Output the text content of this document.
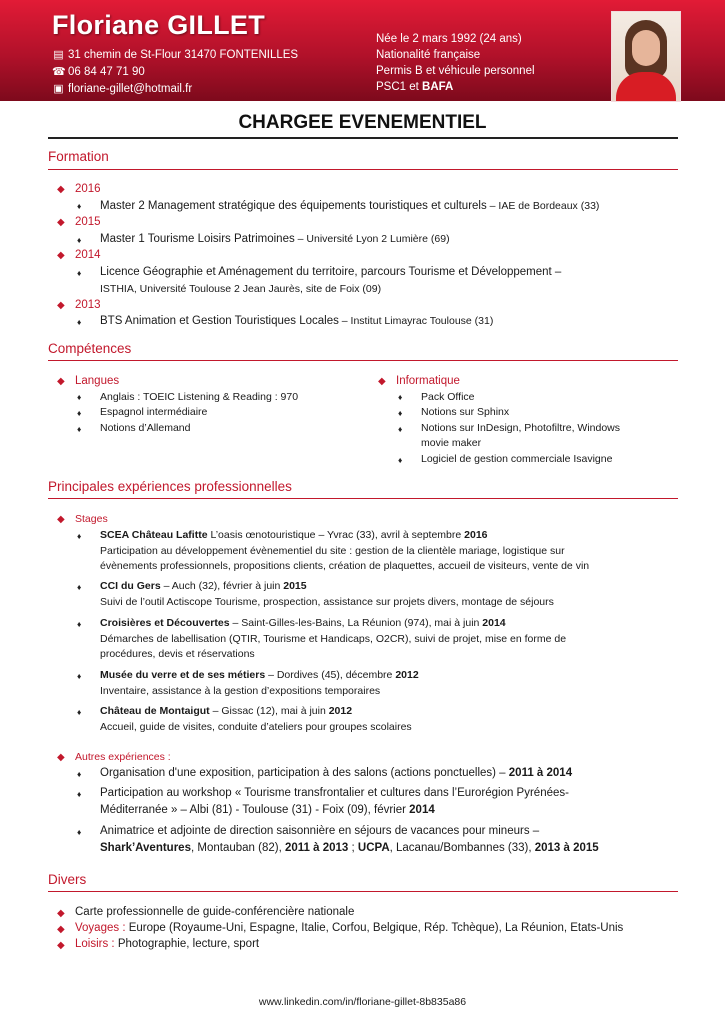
Floriane GILLET
▤ 31 chemin de St-Flour 31470 FONTENILLES
☎ 06 84 47 71 90
▣ floriane-gillet@hotmail.fr
Née le 2 mars 1992 (24 ans)
Nationalité française
Permis B et véhicule personnel
PSC1 et BAFA
CHARGEE EVENEMENTIEL
Formation
◆ 2016
♦ Master 2 Management stratégique des équipements touristiques et culturels – IAE de Bordeaux (33)
◆ 2015
♦ Master 1 Tourisme Loisirs Patrimoines – Université Lyon 2 Lumière (69)
◆ 2014
♦ Licence Géographie et Aménagement du territoire, parcours Tourisme et Développement –
ISTHIA, Université Toulouse 2 Jean Jaurès, site de Foix (09)
◆ 2013
♦ BTS Animation et Gestion Touristiques Locales – Institut Limayrac Toulouse (31)
Compétences
◆ Langues
♦ Anglais : TOEIC Listening & Reading : 970
♦ Espagnol intermédiaire
♦ Notions d’Allemand
◆ Informatique
♦ Pack Office
♦ Notions sur Sphinx
♦ Notions sur InDesign, Photofiltre, Windows
movie maker
♦ Logiciel de gestion commerciale Isavigne
Principales expériences professionnelles
◆ Stages
♦ SCEA Château Lafitte L’oasis œnotouristique – Yvrac (33), avril à septembre 2016
Participation au développement évènementiel du site : gestion de la clientèle mariage, logistique sur
évènements professionnels, propositions clients, création de plaquettes, accueil de visiteurs, vente de vin
♦ CCI du Gers – Auch (32), février à juin 2015
Suivi de l’outil Actiscope Tourisme, prospection, assistance sur projets divers, montage de séjours
♦ Croisières et Découvertes – Saint-Gilles-les-Bains, La Réunion (974), mai à juin 2014
Démarches de labellisation (QTIR, Tourisme et Handicaps, O2CR), suivi de projet, mise en forme de
procédures, devis et réservations
♦ Musée du verre et de ses métiers – Dordives (45), décembre 2012
Inventaire, assistance à la gestion d’expositions temporaires
♦ Château de Montaigut – Gissac (12), mai à juin 2012
Accueil, guide de visites, conduite d’ateliers pour groupes scolaires
◆ Autres expériences :
♦ Organisation d'une exposition, participation à des salons (actions ponctuelles) – 2011 à 2014
♦ Participation au workshop « Tourisme transfrontalier et cultures dans l’Eurorégion Pyrénées-
Méditerranée » – Albi (81) - Toulouse (31) - Foix (09), février 2014
♦ Animatrice et adjointe de direction saisonnière en séjours de vacances pour mineurs –
Shark’Aventures, Montauban (82), 2011 à 2013 ; UCPA, Lacanau/Bombannes (33), 2013 à 2015
Divers
◆ Carte professionnelle de guide-conférencière nationale
◆ Voyages : Europe (Royaume-Uni, Espagne, Italie, Corfou, Belgique, Rép. Tchèque), La Réunion, Etats-Unis
◆ Loisirs : Photographie, lecture, sport
www.linkedin.com/in/floriane-gillet-8b835a86
